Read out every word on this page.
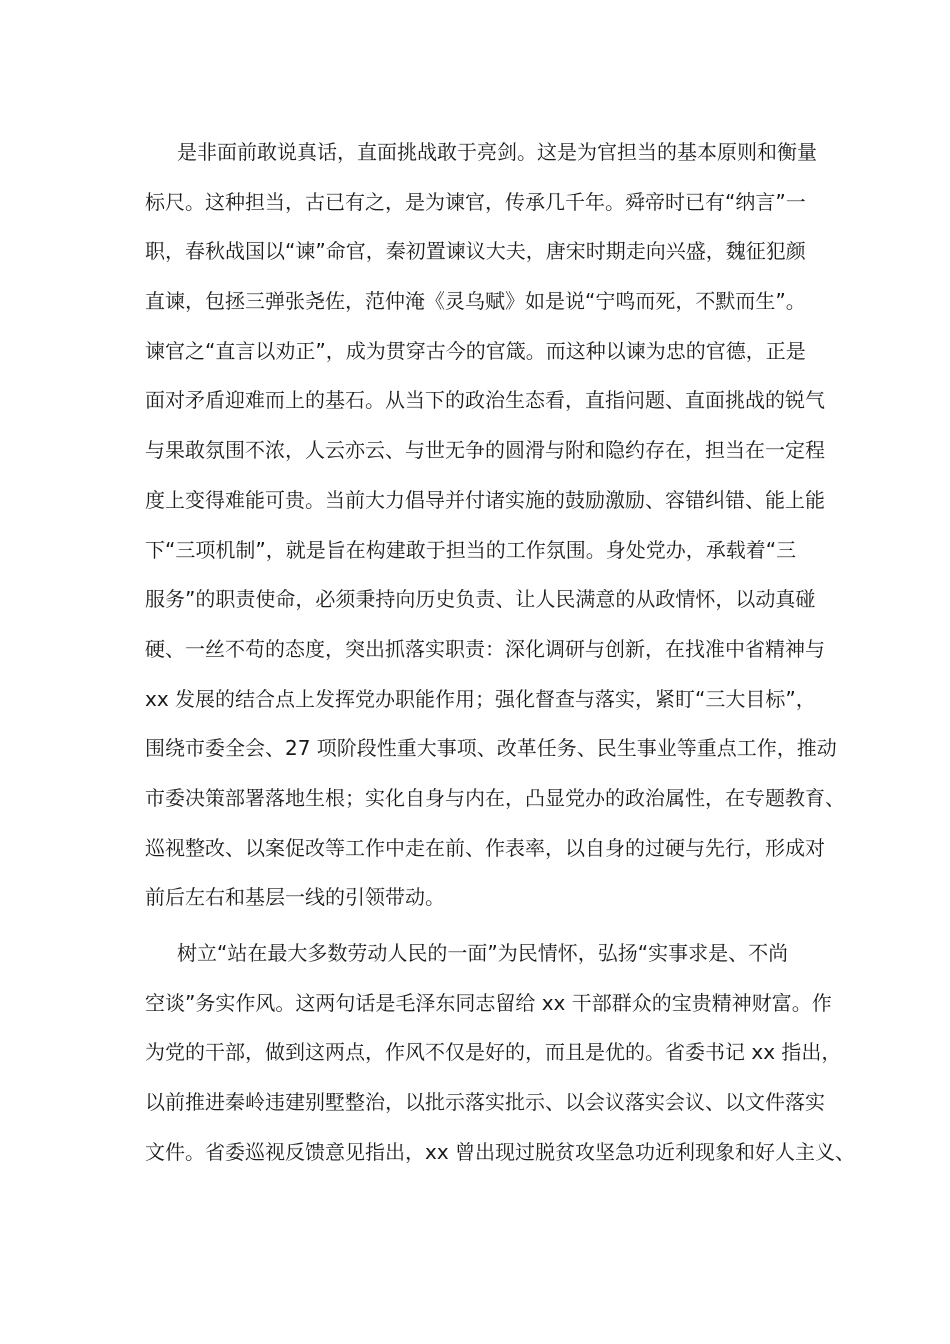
是非面前敢说真话，直面挑战敢于亮剑。这是为官担当的基本原则和衡量
标尺。这种担当，古已有之，是为谏官，传承几千年。舜帝时已有“纳言”一
职，春秋战国以“谏”命官，秦初置谏议大夫，唐宋时期走向兴盛，魏征犯颜
直谏，包拯三弹张尧佐，范仲淹《灵乌赋》如是说“宁鸣而死，不默而生”。
谏官之“直言以劝正”，成为贯穿古今的官箴。而这种以谏为忠的官德，正是
面对矛盾迎难而上的基石。从当下的政治生态看，直指问题、直面挑战的锐气
与果敢氛围不浓，人云亦云、与世无争的圆滑与附和隐约存在，担当在一定程
度上变得难能可贵。当前大力倡导并付诸实施的鼓励激励、容错纠错、能上能
下“三项机制”，就是旨在构建敢于担当的工作氛围。身处党办，承载着“三
服务”的职责使命，必须秉持向历史负责、让人民满意的从政情怀，以动真碰
硬、一丝不苟的态度，突出抓落实职责：深化调研与创新，在找准中省精神与
xx 发展的结合点上发挥党办职能作用；强化督查与落实，紧盯“三大目标”，
围绕市委全会、27 项阶段性重大事项、改革任务、民生事业等重点工作，推动
市委决策部署落地生根；实化自身与内在，凸显党办的政治属性，在专题教育、
巡视整改、以案促改等工作中走在前、作表率，以自身的过硬与先行，形成对
前后左右和基层一线的引领带动。
树立“站在最大多数劳动人民的一面”为民情怀，弘扬“实事求是、不尚
空谈”务实作风。这两句话是毛泽东同志留给 xx 干部群众的宝贵精神财富。作
为党的干部，做到这两点，作风不仅是好的，而且是优的。省委书记 xx 指出，
以前推进秦岭违建别墅整治，以批示落实批示、以会议落实会议、以文件落实
文件。省委巡视反馈意见指出，xx 曾出现过脱贫攻坚急功近利现象和好人主义、
